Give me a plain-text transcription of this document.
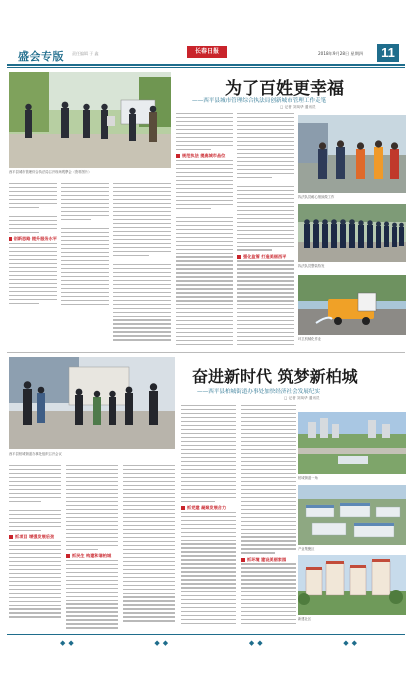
盛会专版 责任编辑 于 鑫	长春日报	2018年9月28日 星期四	11
为了百姓更幸福
——西平县城市管理综合执法局创新城市管理工作走笔
□ 记者 刘凤华 通讯员
西平县城市管理综合执法局召开现场观摩会（资料图片）
创新思路 提升服务水平
规范执法 提高城市品位
强化监管 打造美丽西平
执法队员耐心细致做工作
执法队员整装待发
环卫机械化作业
奋进新时代 筑梦新柏城
——西平县柏城街道办事处加快经济社会发展纪实
□ 记者 刘凤华 通讯员
西平县柏城街道办事处组织召开会议
抓项目 增强发展后劲
抓民生 构建和谐柏城
抓党建 凝聚发展合力
抓环境 建设美丽家园
柏城街道一角
产业集聚区
新建社区
◆◆	◆◆	◆◆	◆◆
